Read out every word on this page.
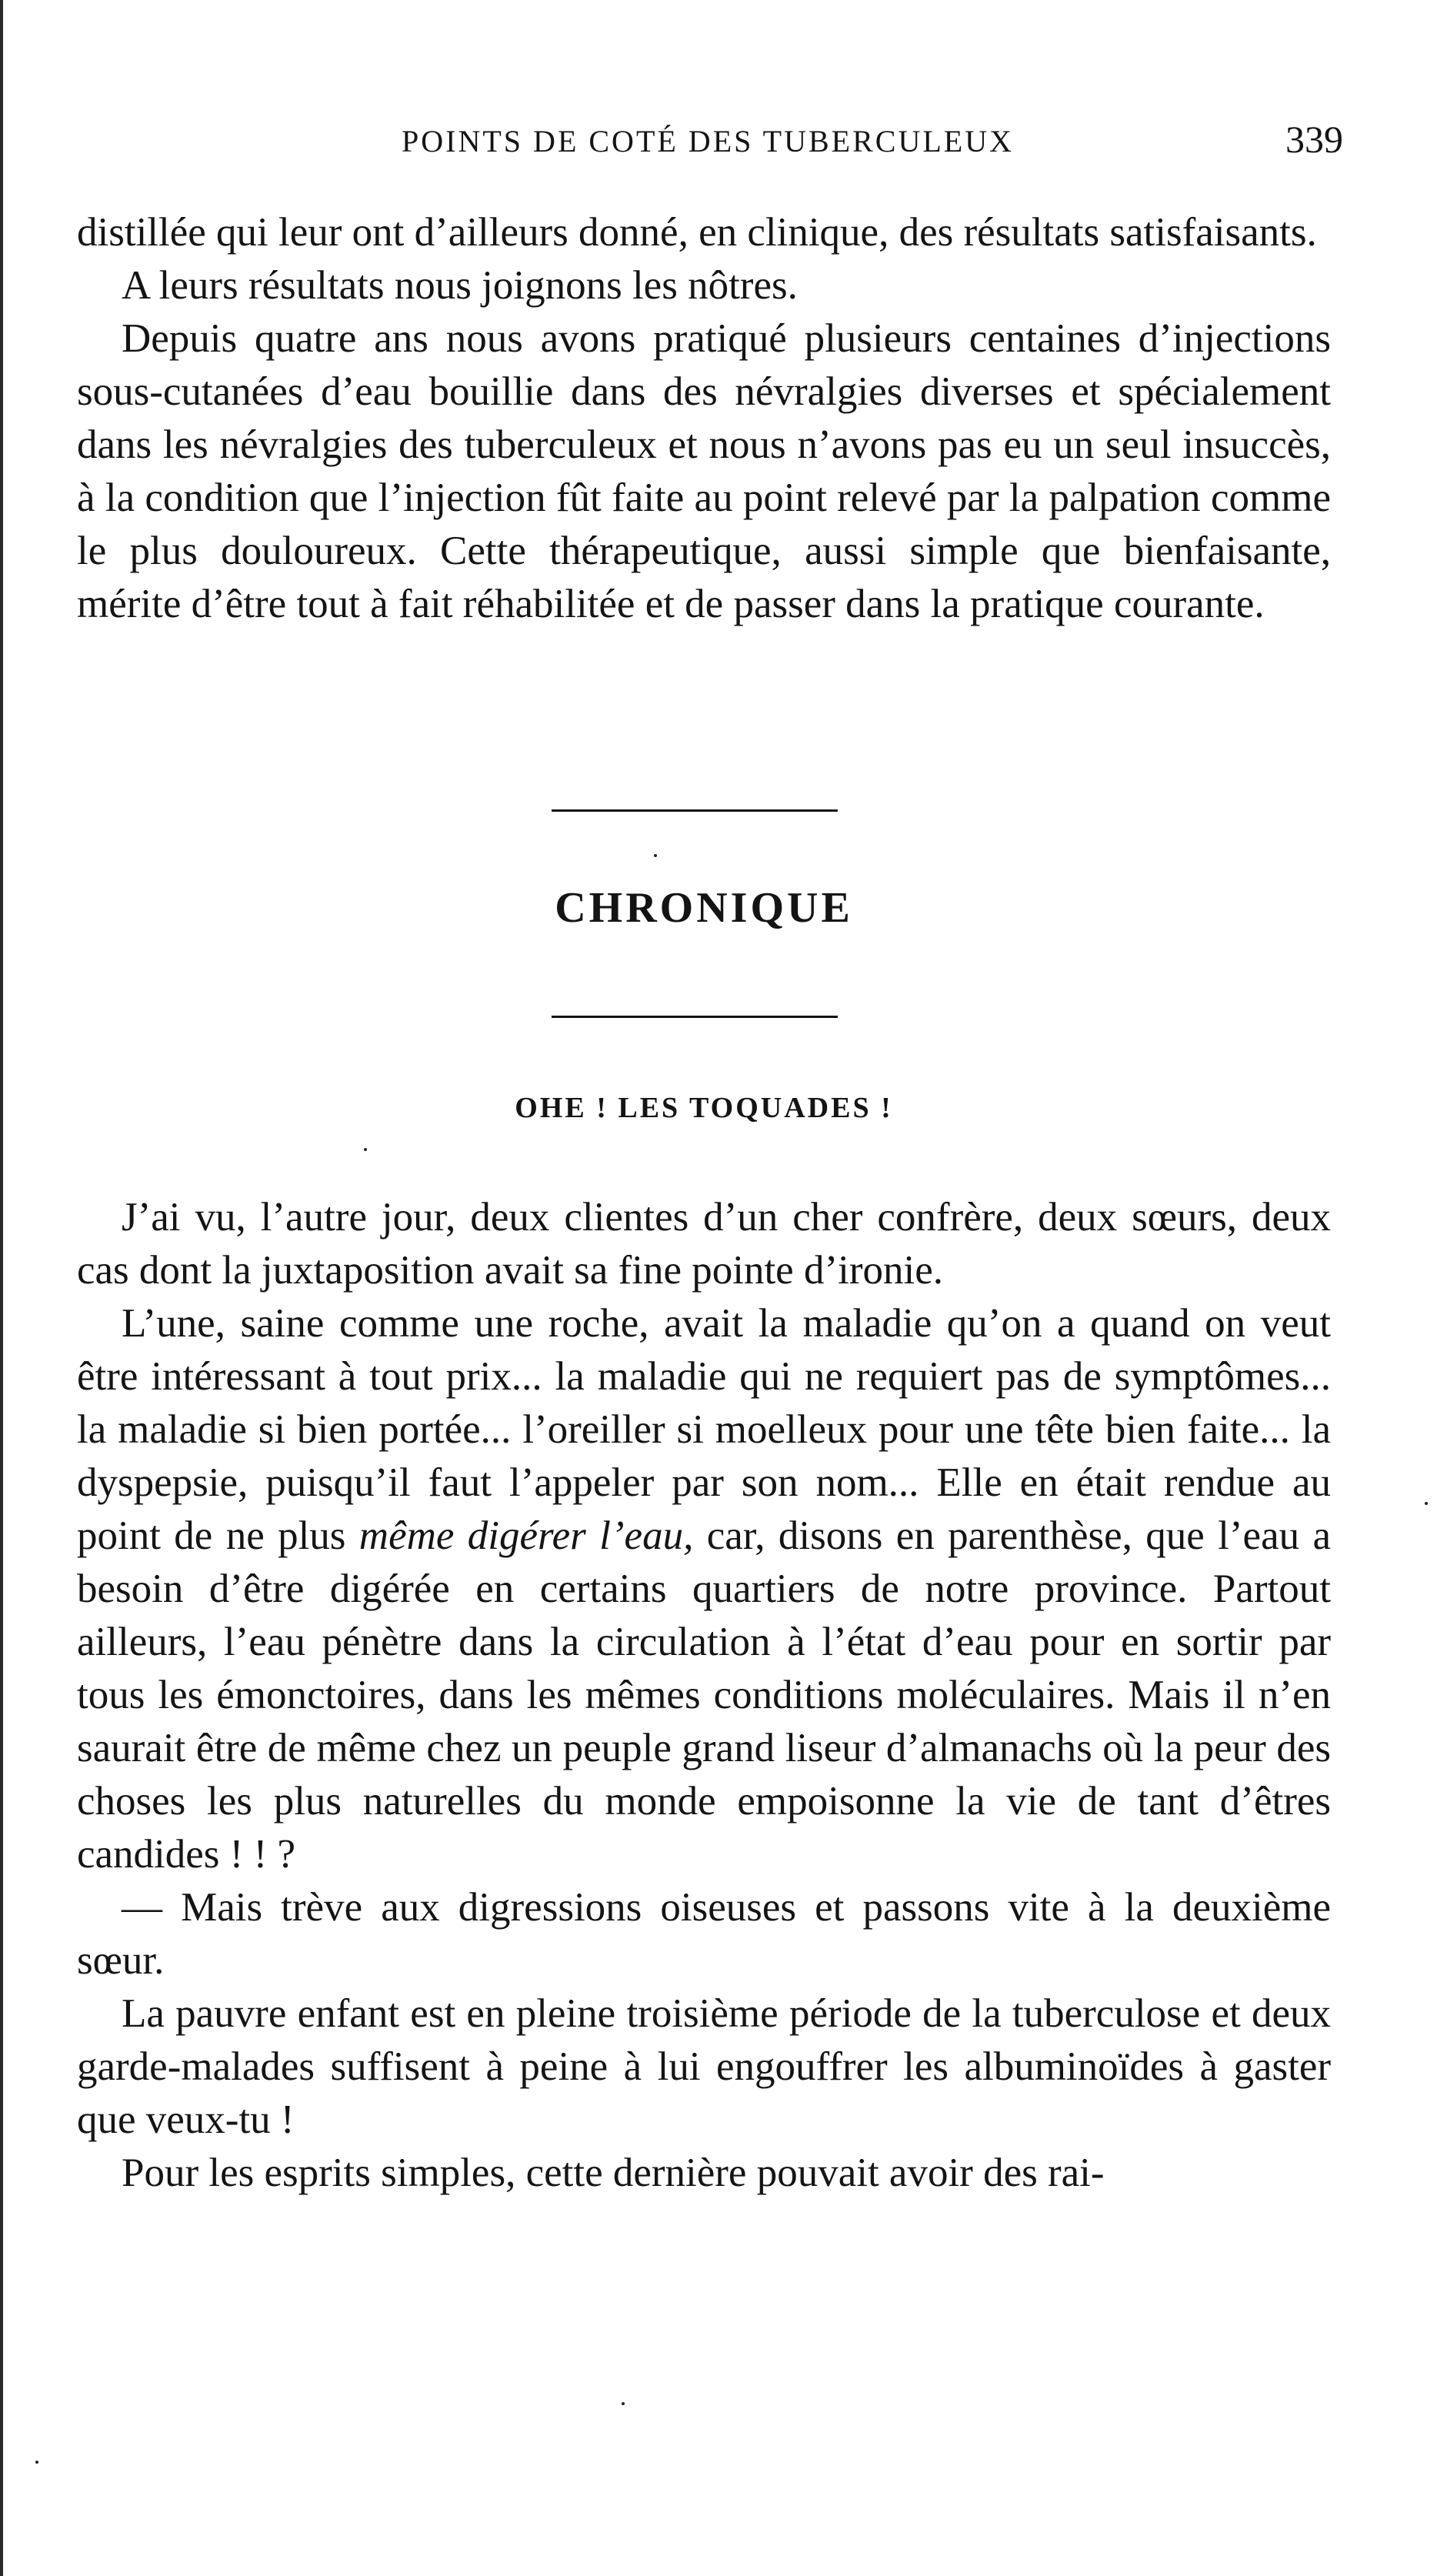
POINTS DE COTÉ DES TUBERCULEUX	339

distillée qui leur ont d’ailleurs donné, en clinique, des résultats satisfaisants.

A leurs résultats nous joignons les nôtres.

Depuis quatre ans nous avons pratiqué plusieurs centaines d’injections sous-cutanées d’eau bouillie dans des névralgies diverses et spécialement dans les névralgies des tuberculeux et nous n’avons pas eu un seul insuccès, à la condition que l’injection fût faite au point relevé par la palpation comme le plus douloureux. Cette thérapeutique, aussi simple que bienfaisante, mérite d’être tout à fait réhabilitée et de passer dans la pratique courante.

CHRONIQUE
OHE ! LES TOQUADES !

J’ai vu, l’autre jour, deux clientes d’un cher confrère, deux sœurs, deux cas dont la juxtaposition avait sa fine pointe d’ironie.

L’une, saine comme une roche, avait la maladie qu’on a quand on veut être intéressant à tout prix... la maladie qui ne requiert pas de symptômes... la maladie si bien portée... l’oreiller si moelleux pour une tête bien faite... la dyspepsie, puisqu’il faut l’appeler par son nom... Elle en était rendue au point de ne plus même digérer l’eau, car, disons en parenthèse, que l’eau a besoin d’être digérée en certains quartiers de notre province. Partout ailleurs, l’eau pénètre dans la circulation à l’état d’eau pour en sortir par tous les émonctoires, dans les mêmes conditions moléculaires. Mais il n’en saurait être de même chez un peuple grand liseur d’almanachs où la peur des choses les plus naturelles du monde empoisonne la vie de tant d’êtres candides ! ! ?

— Mais trève aux digressions oiseuses et passons vite à la deuxième sœur.

La pauvre enfant est en pleine troisième période de la tuberculose et deux garde-malades suffisent à peine à lui engouffrer les albuminoïdes à gaster que veux-tu !

Pour les esprits simples, cette dernière pouvait avoir des rai-
